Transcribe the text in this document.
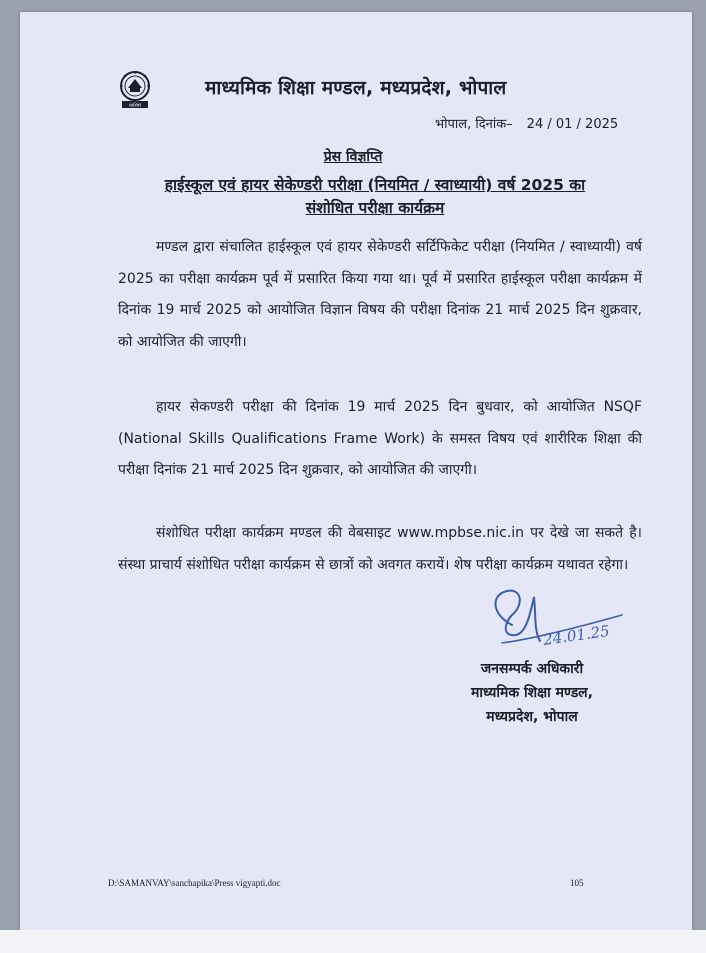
माशिमं
माध्यमिक शिक्षा मण्डल, मध्यप्रदेश, भोपाल
भोपाल, दिनांक– 24 / 01 / 2025
प्रेस विज्ञप्ति
हाईस्कूल एवं हायर सेकेण्डरी परीक्षा (नियमित / स्वाध्यायी) वर्ष 2025 का
संशोधित परीक्षा कार्यक्रम
मण्डल द्वारा संचालित हाईस्कूल एवं हायर सेकेण्डरी सर्टिफिकेट परीक्षा (नियमित / स्वाध्यायी) वर्ष 2025 का परीक्षा कार्यक्रम पूर्व में प्रसारित किया गया था। पूर्व में प्रसारित हाईस्कूल परीक्षा कार्यक्रम में दिनांक 19 मार्च 2025 को आयोजित विज्ञान विषय की परीक्षा दिनांक 21 मार्च 2025 दिन शुक्रवार, को आयोजित की जाएगी।
हायर सेकण्डरी परीक्षा की दिनांक 19 मार्च 2025 दिन बुधवार, को आयोजित NSQF (National Skills Qualifications Frame Work) के समस्त विषय एवं शारीरिक शिक्षा की परीक्षा दिनांक 21 मार्च 2025 दिन शुक्रवार, को आयोजित की जाएगी।
संशोधित परीक्षा कार्यक्रम मण्डल की वेबसाइट www.mpbse.nic.in पर देखे जा सकते है। संस्था प्राचार्य संशोधित परीक्षा कार्यक्रम से छात्रों को अवगत करायें। शेष परीक्षा कार्यक्रम यथावत रहेगा।
24.01.25
जनसम्पर्क अधिकारी
माध्यमिक शिक्षा मण्डल,
मध्यप्रदेश, भोपाल
D:\SAMANVAY\sanchapika\Press vigyapti.doc	105
